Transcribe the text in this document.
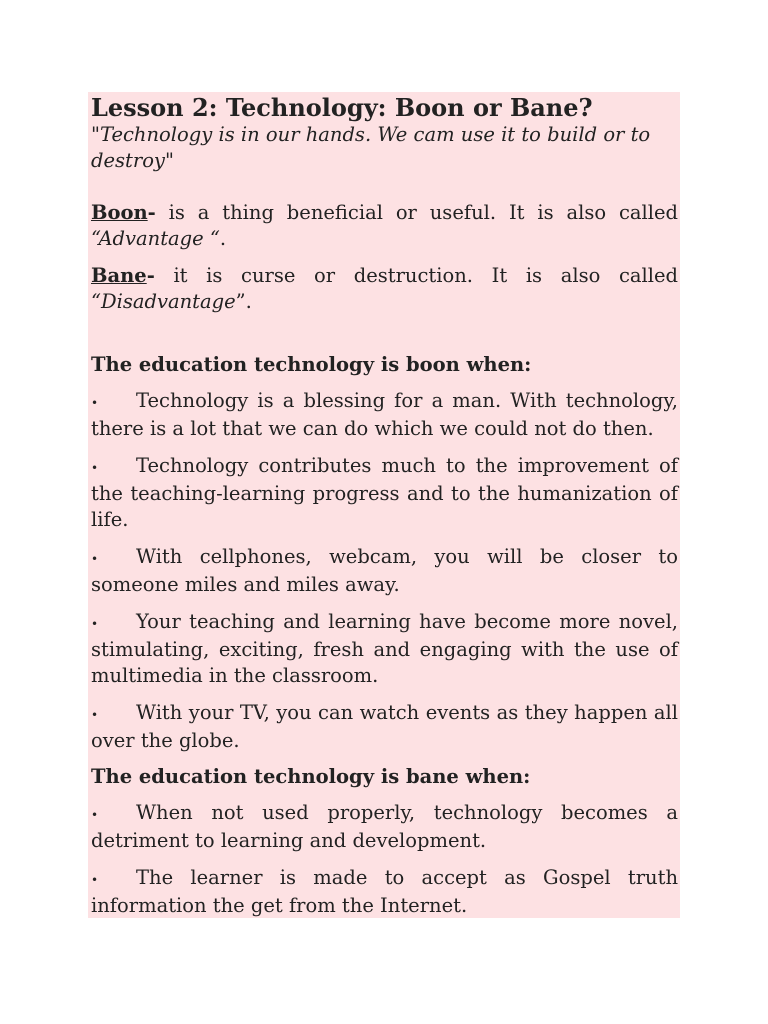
Lesson 2: Technology: Boon or Bane?

"Technology is in our hands. We cam use it to build or to destroy"

Boon- is a thing beneficial or useful. It is also called “Advantage “.

Bane- it is curse or destruction. It is also called “Disadvantage”.

The education technology is boon when:

• Technology is a blessing for a man. With technology, there is a lot that we can do which we could not do then.

• Technology contributes much to the improvement of the teaching-learning progress and to the humanization of life.

• With cellphones, webcam, you will be closer to someone miles and miles away.

• Your teaching and learning have become more novel, stimulating, exciting, fresh and engaging with the use of multimedia in the classroom.

• With your TV, you can watch events as they happen all over the globe.

The education technology is bane when:

• When not used properly, technology becomes a detriment to learning and development.

• The learner is made to accept as Gospel truth information the get from the Internet.
